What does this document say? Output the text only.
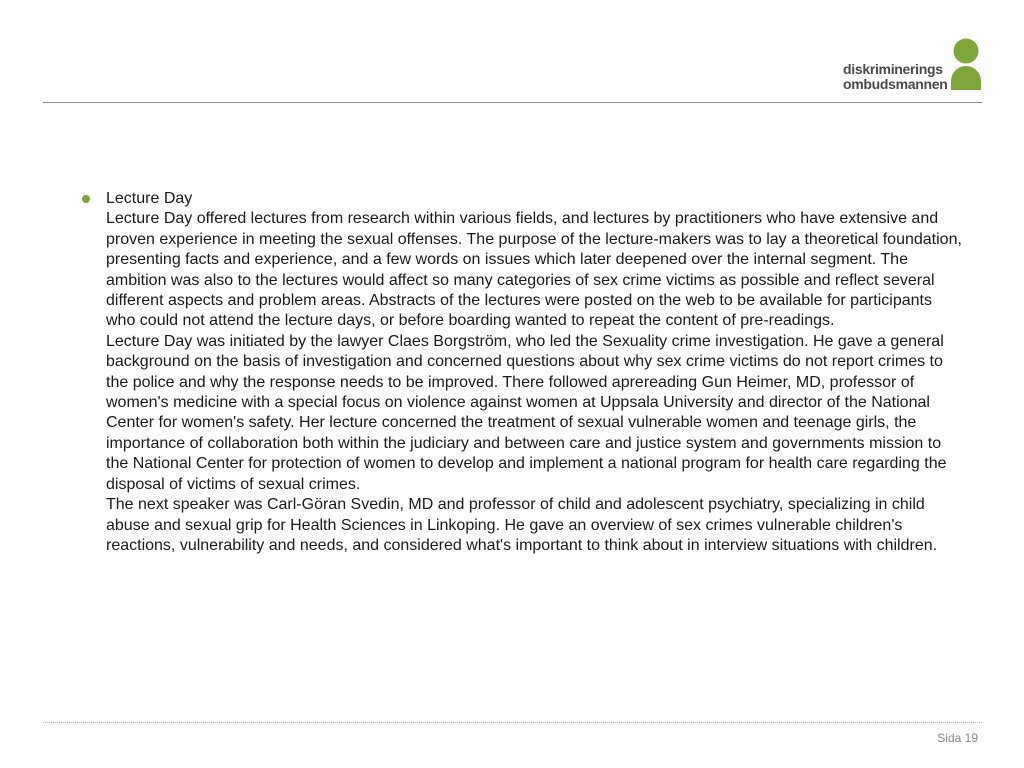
diskriminerings
ombudsmannen

Lecture Day

Lecture Day offered lectures from research within various fields, and lectures by practitioners who have extensive and proven experience in meeting the sexual offenses. The purpose of the lecture-makers was to lay a theoretical foundation, presenting facts and experience, and a few words on issues which later deepened over the internal segment. The ambition was also to the lectures would affect so many categories of sex crime victims as possible and reflect several different aspects and problem areas. Abstracts of the lectures were posted on the web to be available for participants who could not attend the lecture days, or before boarding wanted to repeat the content of pre-readings.

Lecture Day was initiated by the lawyer Claes Borgström, who led the Sexuality crime investigation. He gave a general background on the basis of investigation and concerned questions about why sex crime victims do not report crimes to the police and why the response needs to be improved. There followed aprereading Gun Heimer, MD, professor of women's medicine with a special focus on violence against women at Uppsala University and director of the National Center for women's safety. Her lecture concerned the treatment of sexual vulnerable women and teenage girls, the importance of collaboration both within the judiciary and between care and justice system and governments mission to the National Center for protection of women to develop and implement a national program for health care regarding the disposal of victims of sexual crimes.

The next speaker was Carl-Göran Svedin, MD and professor of child and adolescent psychiatry, specializing in child abuse and sexual grip for Health Sciences in Linkoping. He gave an overview of sex crimes vulnerable children's reactions, vulnerability and needs, and considered what's important to think about in interview situations with children.

Sida 19
